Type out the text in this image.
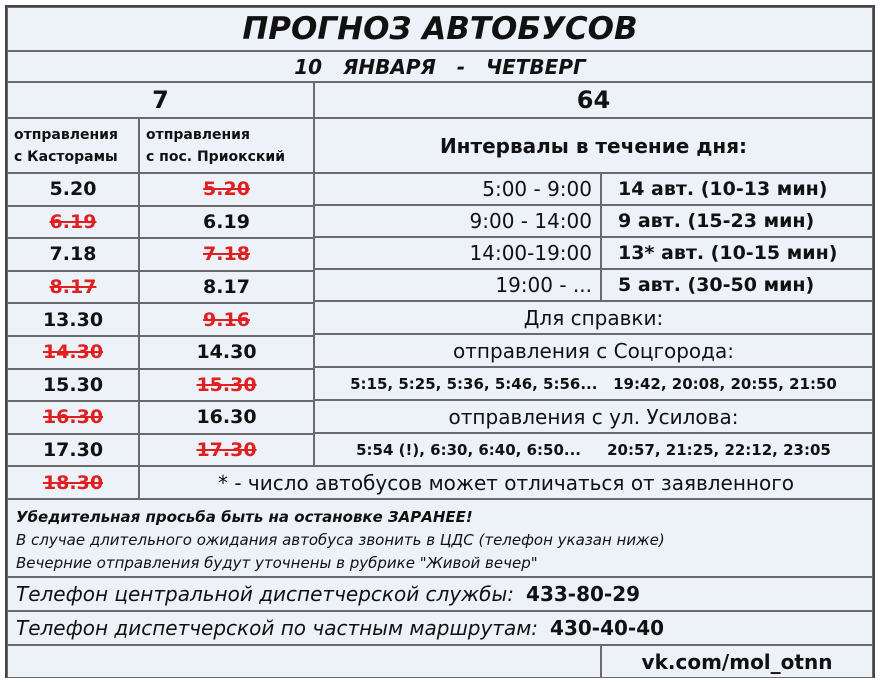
ПРОГНОЗ АВТОБУСОВ
10   ЯНВАРЯ   -   ЧЕТВЕРГ
7	64
отправления
с Касторамы
отправления
с пос. Приокский	Интервалы в течение дня:
5.20	5.20
6.19	6.19
7.18	7.18
8.17	8.17
13.30	9.16
14.30	14.30
15.30	15.30
16.30	16.30
17.30	17.30
18.30
5:00 - 9:00	14 авт. (10-13 мин)
9:00 - 14:00	9 авт. (15-23 мин)
14:00-19:00	13* авт. (10-15 мин)
19:00 - ...	5 авт. (30-50 мин)
Для справки:
отправления с Соцгорода:
5:15, 5:25, 5:36, 5:46, 5:56...   19:42, 20:08, 20:55, 21:50
отправления с ул. Усилова:
5:54 (!), 6:30, 6:40, 6:50...     20:57, 21:25, 22:12, 23:05
* - число автобусов может отличаться от заявленного
Убедительная просьба быть на остановке ЗАРАНЕЕ!
В случае длительного ожидания автобуса звонить в ЦДС (телефон указан ниже)
Вечерние отправления будут уточнены в рубрике "Живой вечер"
Телефон центральной диспетчерской службы: 433-80-29
Телефон диспетчерской по частным маршрутам: 430-40-40
vk.com/mol_otnn
